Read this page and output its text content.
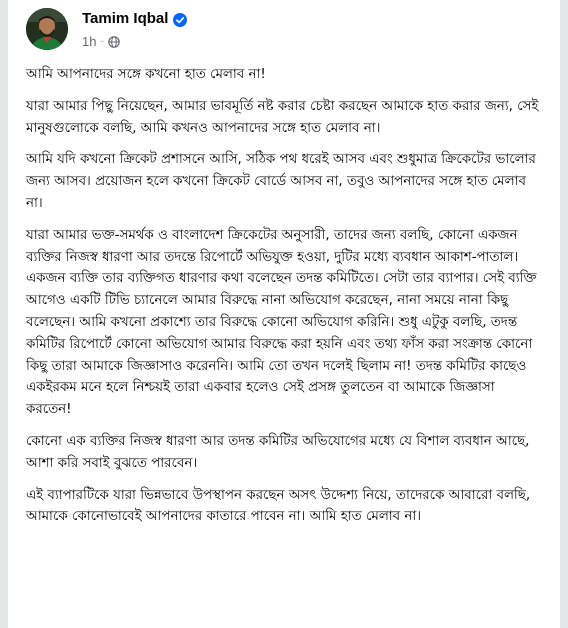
Tamim Iqbal
1h ·

আমি আপনাদের সঙ্গে কখনো হাত মেলাব না!

যারা আমার পিছু নিয়েছেন, আমার ভাবমূর্তি নষ্ট করার চেষ্টা করছেন আমাকে হাত করার জন্য, সেই মানুষগুলোকে বলছি, আমি কখনও আপনাদের সঙ্গে হাত মেলাব না।

আমি যদি কখনো ক্রিকেট প্রশাসনে আসি, সঠিক পথ ধরেই আসব এবং শুধুমাত্র ক্রিকেটের ভালোর জন্য আসব। প্রয়োজন হলে কখনো ক্রিকেট বোর্ডে আসব না, তবুও আপনাদের সঙ্গে হাত মেলাব না।

যারা আমার ভক্ত-সমর্থক ও বাংলাদেশ ক্রিকেটের অনুসারী, তাদের জন্য বলছি, কোনো একজন ব্যক্তির নিজস্ব ধারণা আর তদন্তে রিপোর্টে অভিযুক্ত হওয়া, দুটির মধ্যে ব্যবধান আকাশ-পাতাল। একজন ব্যক্তি তার ব্যক্তিগত ধারণার কথা বলেছেন তদন্ত কমিটিতে। সেটা তার ব্যাপার। সেই ব্যক্তি আগেও একটি টিভি চ্যানেলে আমার বিরুদ্ধে নানা অভিযোগ করেছেন, নানা সময়ে নানা কিছু বলেছেন। আমি কখনো প্রকাশ্যে তার বিরুদ্ধে কোনো অভিযোগ করিনি। শুধু এটুকু বলছি, তদন্ত কমিটির রিপোর্টে কোনো অভিযোগ আমার বিরুদ্ধে করা হয়নি এবং তথ্য ফাঁস করা সংক্রান্ত কোনো কিছু তারা আমাকে জিজ্ঞাসাও করেননি। আমি তো তখন দলেই ছিলাম না! তদন্ত কমিটির কাছেও একইরকম মনে হলে নিশ্চয়ই তারা একবার হলেও সেই প্রসঙ্গ তুলতেন বা আমাকে জিজ্ঞাসা করতেন!

কোনো এক ব্যক্তির নিজস্ব ধারণা আর তদন্ত কমিটির অভিযোগের মধ্যে যে বিশাল ব্যবধান আছে, আশা করি সবাই বুঝতে পারবেন।

এই ব্যাপারটিকে যারা ভিন্নভাবে উপস্থাপন করছেন অসৎ উদ্দেশ্য নিয়ে, তাদেরকে আবারো বলছি, আমাকে কোনোভাবেই আপনাদের কাতারে পাবেন না। আমি হাত মেলাব না।
